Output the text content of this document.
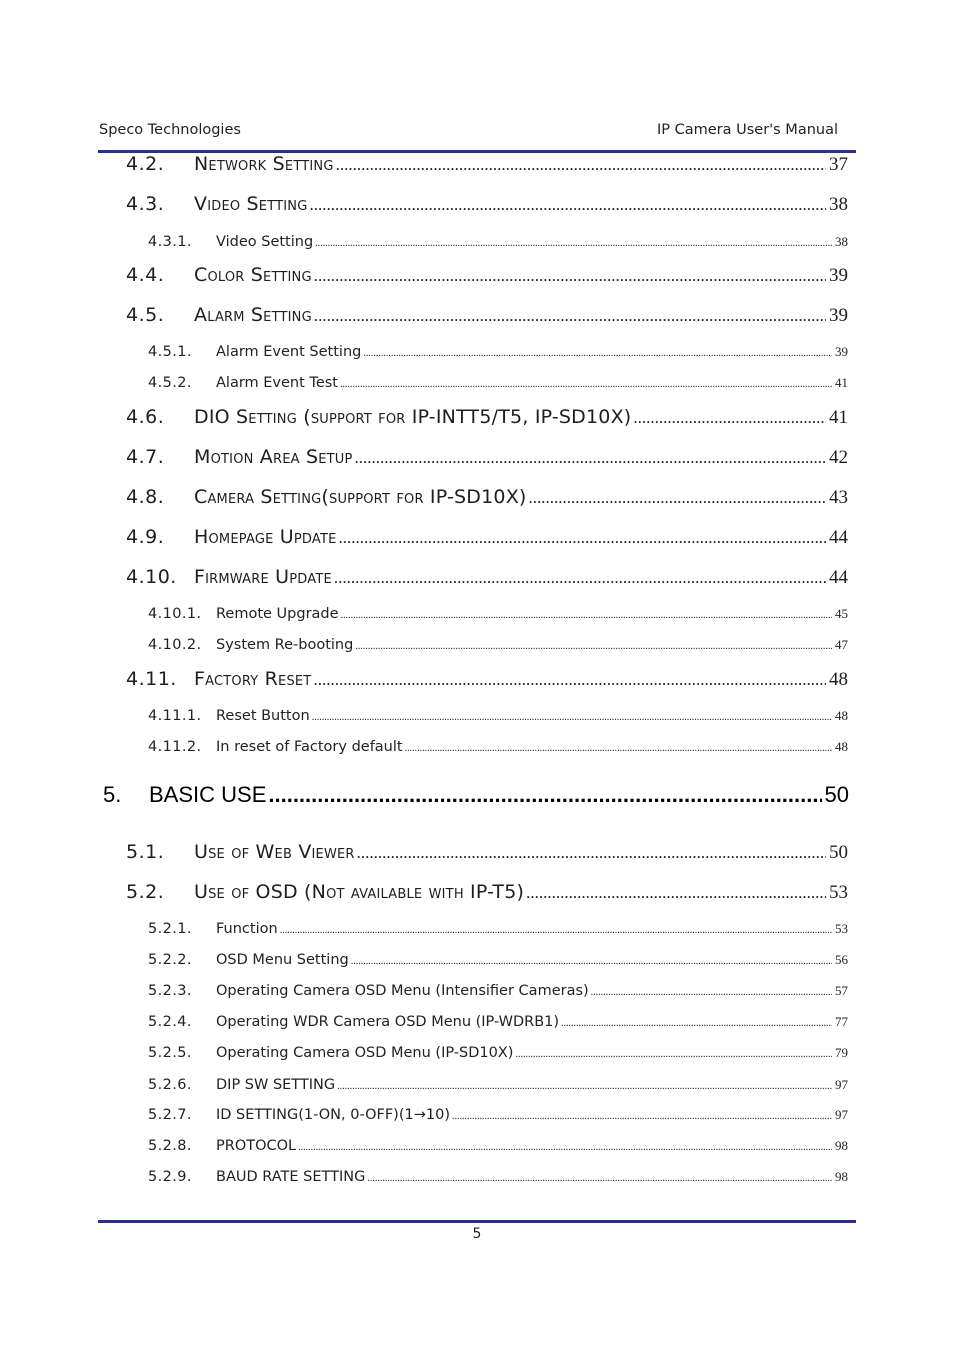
Speco Technologies	IP Camera User's Manual
4.2.	Network Setting .....	37
4.3.	Video Setting .....	38
4.3.1.	Video Setting .....	38
4.4.	Color Setting .....	39
4.5.	Alarm Setting .....	39
4.5.1.	Alarm Event Setting .....	39
4.5.2.	Alarm Event Test .....	41
4.6.	DIO Setting (support for IP-INTT5/T5, IP-SD10X) .....	41
4.7.	Motion Area Setup .....	42
4.8.	Camera Setting(support for IP-SD10X) .....	43
4.9.	Homepage Update .....	44
4.10. Firmware Update .....	44
4.10.1. Remote Upgrade .....	45
4.10.2. System Re-booting .....	47
4.11. Factory Reset .....	48
4.11.1. Reset Button .....	48
4.11.2. In reset of Factory default .....	48
5.	BASIC USE .....	50
5.1.	Use of Web Viewer .....	50
5.2.	Use of OSD (Not available with IP-T5) .....	53
5.2.1.	Function .....	53
5.2.2.	OSD Menu Setting .....	56
5.2.3.	Operating Camera OSD Menu (Intensifier Cameras) .....	57
5.2.4.	Operating WDR Camera OSD Menu (IP-WDRB1) .....	77
5.2.5.	Operating Camera OSD Menu (IP-SD10X) .....	79
5.2.6.	DIP SW SETTING .....	97
5.2.7.	ID SETTING(1-ON, 0-OFF)(1→10) .....	97
5.2.8.	PROTOCOL .....	98
5.2.9.	BAUD RATE SETTING .....	98
5
